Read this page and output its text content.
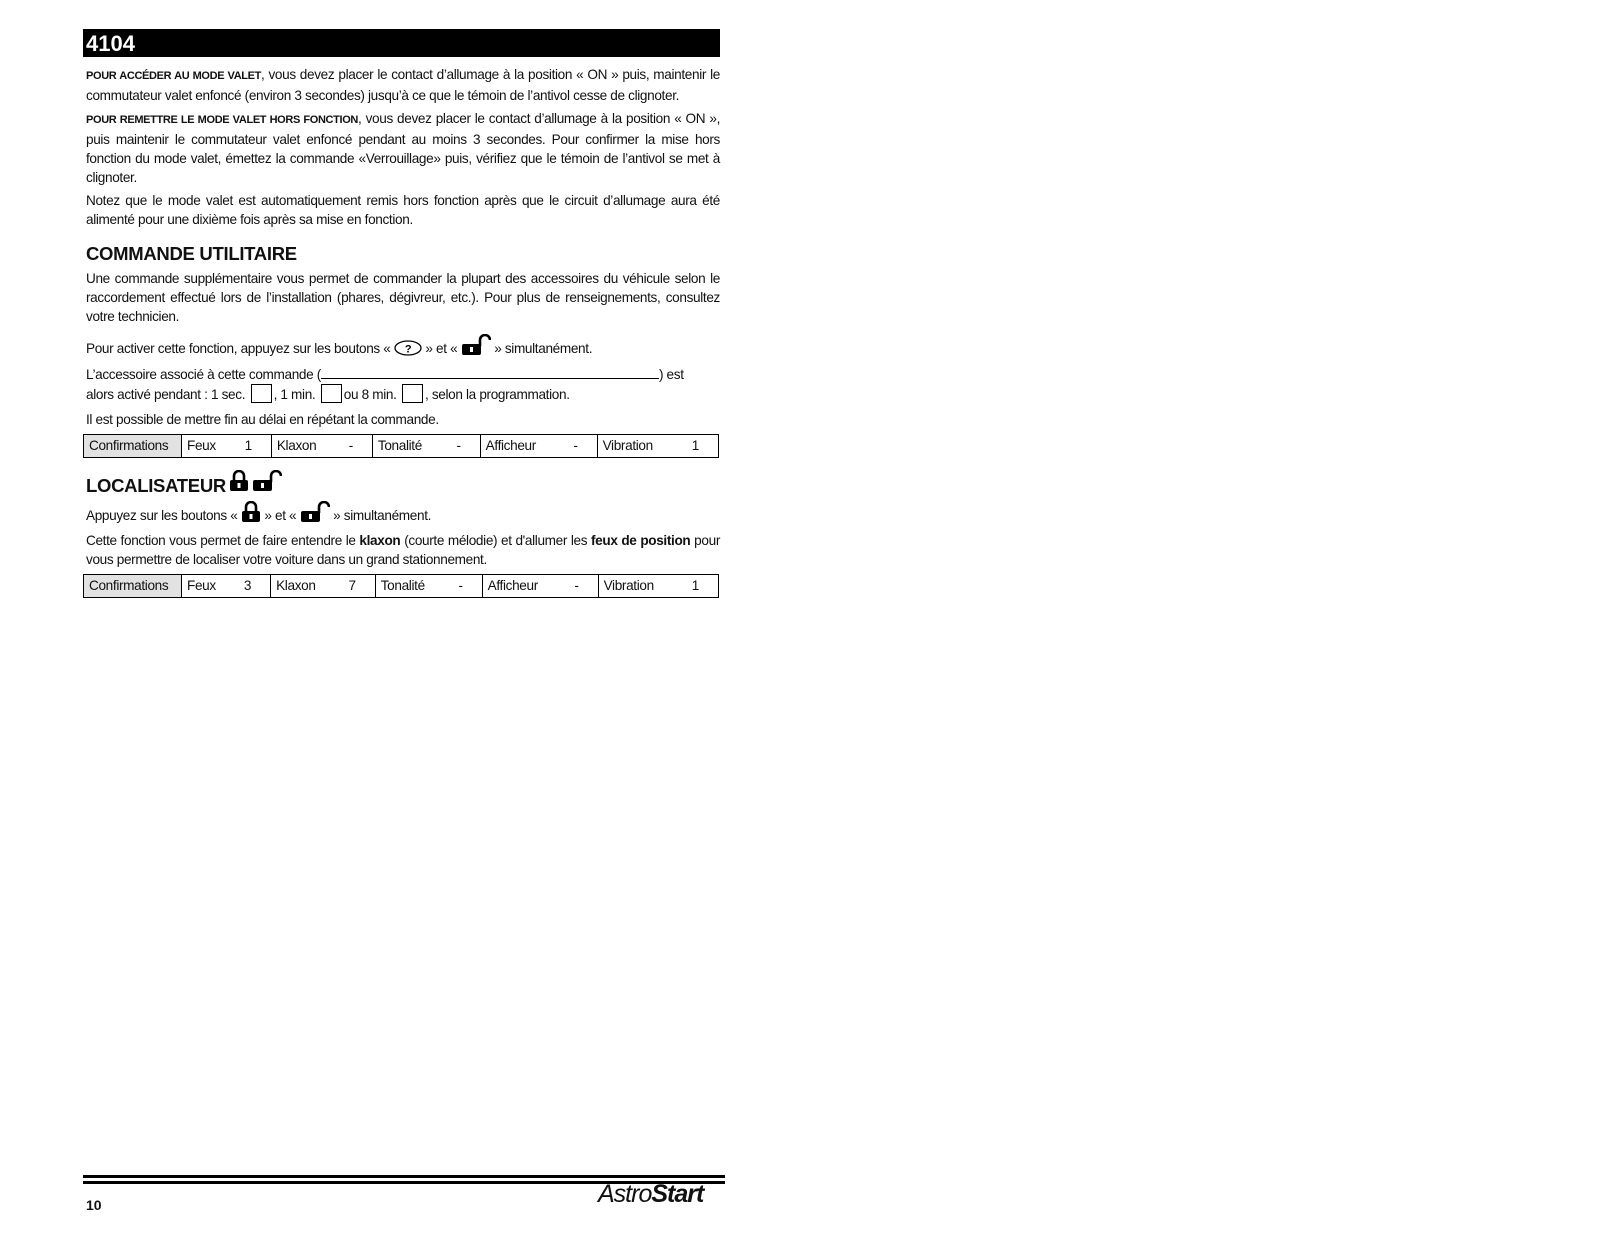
4104

POUR ACCÉDER AU MODE VALET, vous devez placer le contact d’allumage à la position « ON » puis, maintenir le commutateur valet enfoncé (environ 3 secondes) jusqu’à ce que le témoin de l’antivol cesse de clignoter.

POUR REMETTRE LE MODE VALET HORS FONCTION, vous devez placer le contact d’allumage à la position « ON », puis maintenir le commutateur valet enfoncé pendant au moins 3 secondes. Pour confirmer la mise hors fonction du mode valet, émettez la commande «Verrouillage» puis, vérifiez que le témoin de l’antivol se met à clignoter.

Notez que le mode valet est automatiquement remis hors fonction après que le circuit d’allumage aura été alimenté pour une dixième fois après sa mise en fonction.

COMMANDE UTILITAIRE

Une commande supplémentaire vous permet de commander la plupart des accessoires du véhicule selon le raccordement effectué lors de l’installation (phares, dégivreur, etc.). Pour plus de renseignements, consultez votre technicien.

Pour activer cette fonction, appuyez sur les boutons « ? » et «	» simultanément.

L’accessoire associé à cette commande (	) est
alors activé pendant : 1 sec. , 1 min. ou 8 min. , selon la programmation.

Il est possible de mettre fin au délai en répétant la commande.

Confirmations	Feux 1	Klaxon -	Tonalité	-	Afficheur	-	Vibration	1
LOCALISATEUR

Appuyez sur les boutons « » et «	» simultanément.

Cette fonction vous permet de faire entendre le klaxon (courte mélodie) et d'allumer les feux de position pour vous permettre de localiser votre voiture dans un grand stationnement.

Confirmations	Feux 3	Klaxon 7	Tonalité -	Afficheur	-	Vibration	1
10	AstroStart
